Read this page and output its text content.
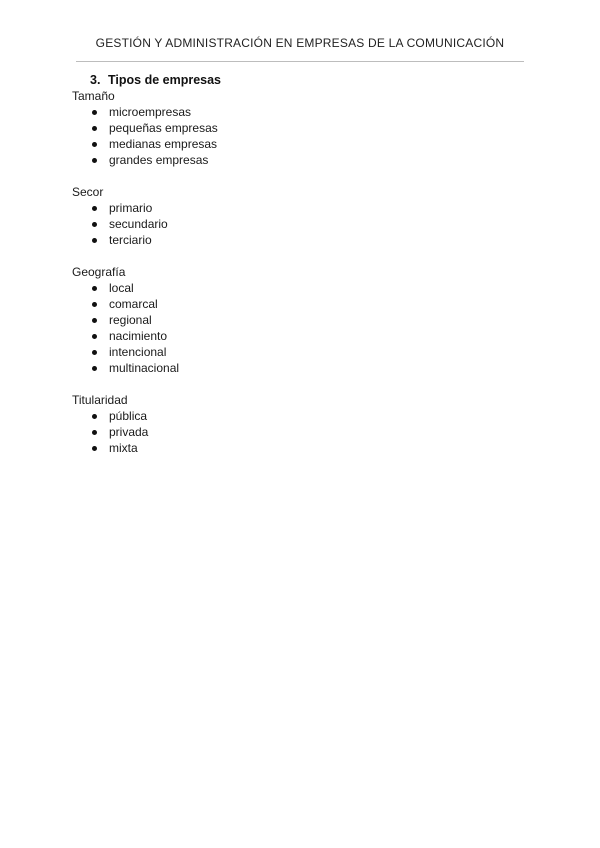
GESTIÓN Y ADMINISTRACIÓN EN EMPRESAS DE LA COMUNICACIÓN
3. Tipos de empresas
Tamaño
microempresas
pequeñas empresas
medianas empresas
grandes empresas
Secor
primario
secundario
terciario
Geografía
local
comarcal
regional
nacimiento
intencional
multinacional
Titularidad
pública
privada
mixta
